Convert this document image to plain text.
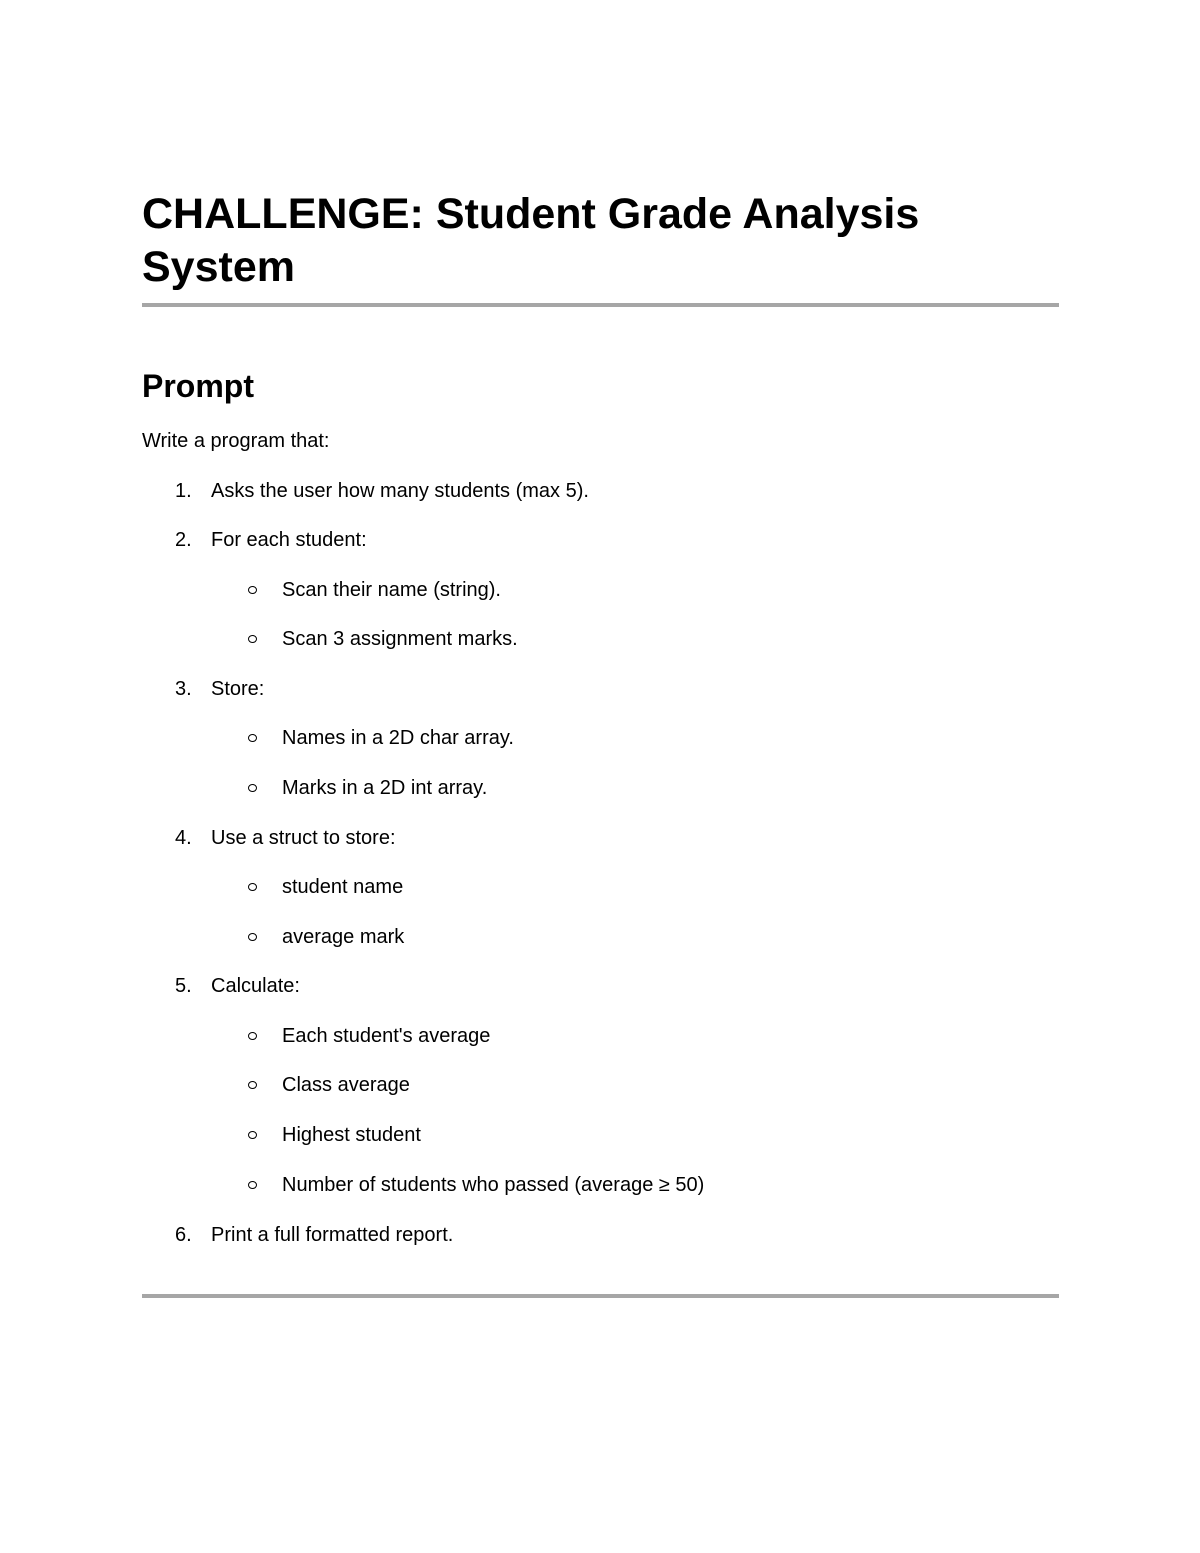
CHALLENGE: Student Grade Analysis System
Prompt

Write a program that:

1. Asks the user how many students (max 5).
2. For each student:
Scan their name (string).
Scan 3 assignment marks.
3. Store:
Names in a 2D char array.
Marks in a 2D int array.
4. Use a struct to store:
student name
average mark
5. Calculate:
Each student's average
Class average
Highest student
Number of students who passed (average ≥ 50)
6. Print a full formatted report.
